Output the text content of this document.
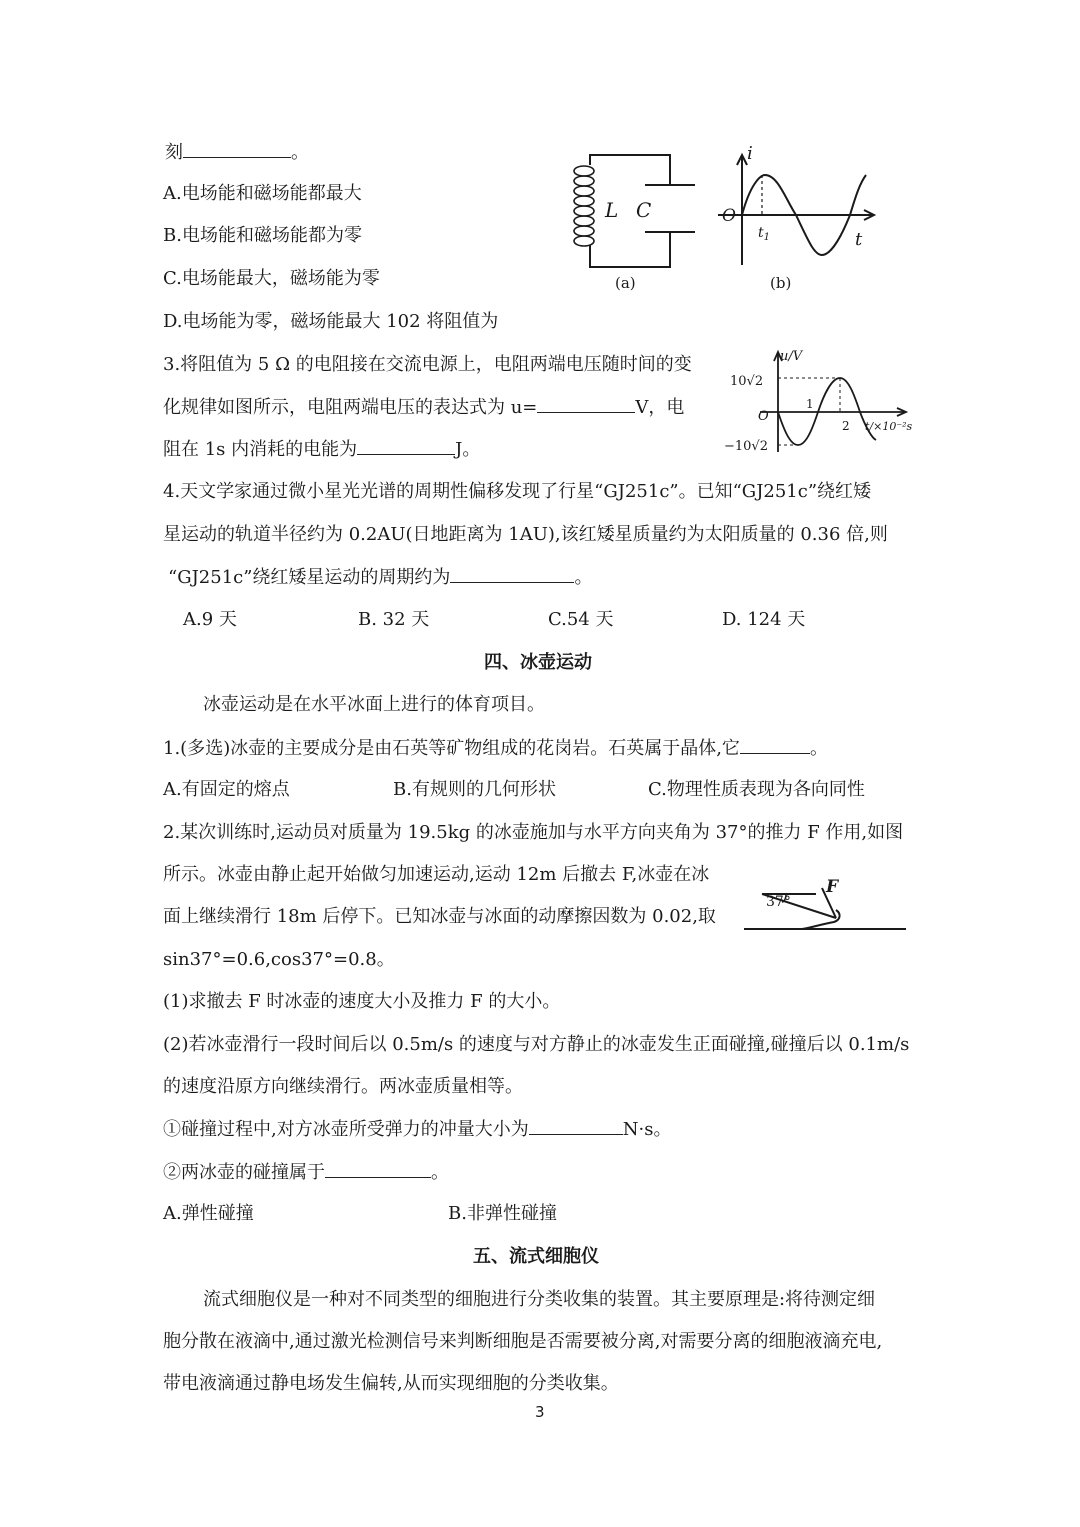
刻	。
A.电场能和磁场能都最大
B.电场能和磁场能都为零
C.电场能最大，磁场能为零
D.电场能为零，磁场能最大 102 将阻值为
L C
(a)
i
t
O
$t_1$
(b)
3.将阻值为 5 Ω 的电阻接在交流电源上，电阻两端电压随时间的变
化规律如图所示，电阻两端电压的表达式为 u=	V，电
阻在 1s 内消耗的电能为	J。
u/V
10√2
−10√2
O
1
2 t/×10⁻²s
4.天文学家通过微小星光光谱的周期性偏移发现了行星“GJ251c”。已知“GJ251c”绕红矮
星运动的轨道半径约为 0.2AU(日地距离为 1AU),该红矮星质量约为太阳质量的 0.36 倍,则
“GJ251c”绕红矮星运动的周期约为	。
A.9 天	B. 32 天	C.54 天	D. 124 天
四、冰壶运动
冰壶运动是在水平冰面上进行的体育项目。
1.(多选)冰壶的主要成分是由石英等矿物组成的花岗岩。石英属于晶体,它	。
A.有固定的熔点	B.有规则的几何形状	C.物理性质表现为各向同性
2.某次训练时,运动员对质量为 19.5kg 的冰壶施加与水平方向夹角为 37°的推力 F 作用,如图
所示。冰壶由静止起开始做匀加速运动,运动 12m 后撤去 F,冰壶在冰
面上继续滑行 18m 后停下。已知冰壶与冰面的动摩擦因数为 0.02,取
sin37°=0.6,cos37°=0.8。
37°
F
(1)求撤去 F 时冰壶的速度大小及推力 F 的大小。
(2)若冰壶滑行一段时间后以 0.5m/s 的速度与对方静止的冰壶发生正面碰撞,碰撞后以 0.1m/s
的速度沿原方向继续滑行。两冰壶质量相等。
①碰撞过程中,对方冰壶所受弹力的冲量大小为	N·s。
②两冰壶的碰撞属于	。
A.弹性碰撞	B.非弹性碰撞
五、流式细胞仪
流式细胞仪是一种对不同类型的细胞进行分类收集的装置。其主要原理是:将待测定细
胞分散在液滴中,通过激光检测信号来判断细胞是否需要被分离,对需要分离的细胞液滴充电,
带电液滴通过静电场发生偏转,从而实现细胞的分类收集。
3
